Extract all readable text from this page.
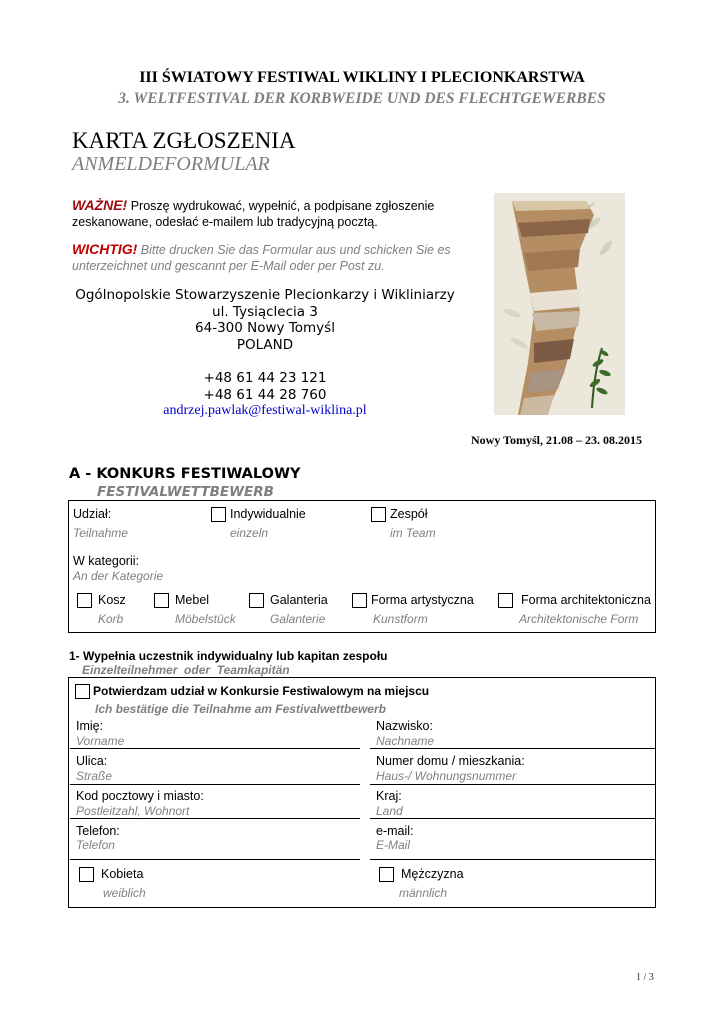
III ŚWIATOWY FESTIWAL WIKLINY I PLECIONKARSTWA
3. WELTFESTIVAL DER KORBWEIDE UND DES FLECHTGEWERBES
KARTA ZGŁOSZENIA
ANMELDEFORMULAR
WAŻNE! Proszę wydrukować, wypełnić, a podpisane zgłoszenie zeskanowane, odesłać e-mailem lub tradycyjną pocztą.
WICHTIG! Bitte drucken Sie das Formular aus und schicken Sie es unterzeichnet und gescannt per E-Mail oder per Post zu.
Ogólnopolskie Stowarzyszenie Plecionkarzy i Wikliniarzy
ul. Tysiąclecia 3
64-300 Nowy Tomyśl
POLAND
+48 61 44 23 121
+48 61 44 28 760
andrzej.pawlak@festiwal-wiklina.pl
Nowy Tomyśl, 21.08 – 23. 08.2015
A - KONKURS FESTIWALOWY
FESTIVALWETTBEWERB
Udział:
Teilnahme
Indywidualnie
einzeln
Zespół
im Team
W kategorii:
An der Kategorie
Kosz
Korb
Mebel
Möbelstück
Galanteria
Galanterie
Forma artystyczna
Kunstform
Forma architektoniczna
Architektonische Form
1- Wypełnia uczestnik indywidualny lub kapitan zespołu
Einzelteilnehmer  oder  Teamkapitän
Potwierdzam udział w Konkursie Festiwalowym na miejscu
Ich bestätige die Teilnahme am Festivalwettbewerb
Imię:
Vorname
Nazwisko:
Nachname
Ulica:
Straße
Numer domu / mieszkania:
Haus-/ Wohnungsnummer
Kod pocztowy i miasto:
Postleitzahl, Wohnort
Kraj:
Land
Telefon:
Telefon
e-mail:
E-Mail
Kobieta
weiblich
Mężczyzna
männlich
1 / 3
